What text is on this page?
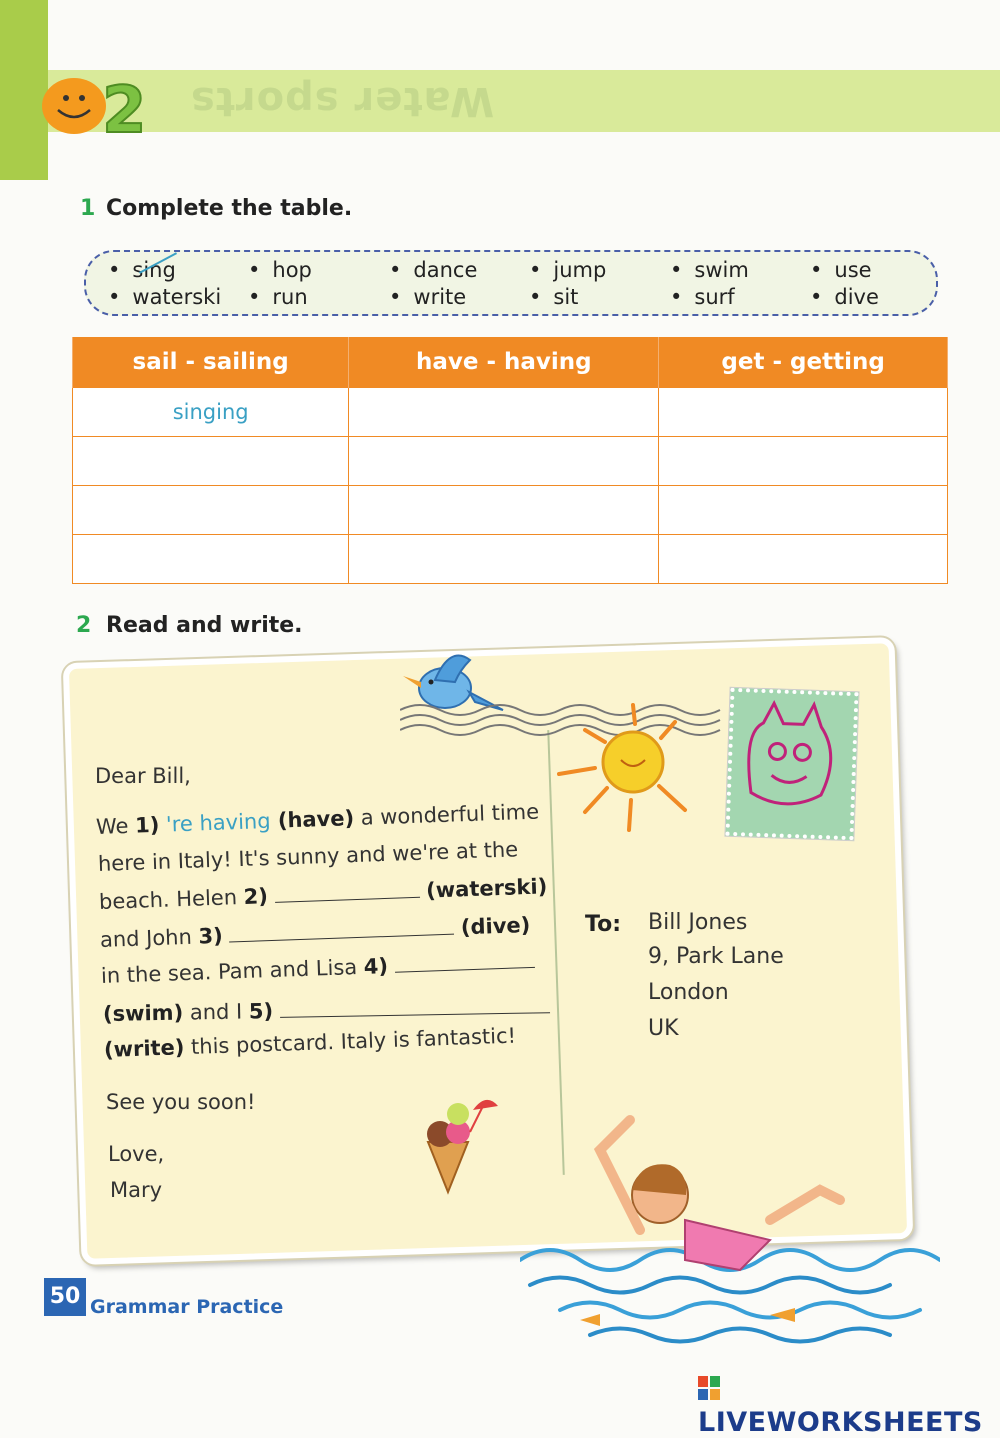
Water sports
2
1 Complete the table.
• sing	• hop	• dance	• jump	• swim	• use
• waterski	• run	• write	• sit	• surf	• dive
sail - sailing	have - having	get - getting
singing		

2 Read and write.
Dear Bill,
We 1) 're having (have) a wonderful time
here in Italy! It's sunny and we're at the
beach. Helen 2)	(waterski)
and John 3)	(dive)
in the sea. Pam and Lisa 4)
(swim) and I 5)
(write) this postcard. Italy is fantastic!
See you soon!
Love,
Mary
To: Bill Jones
9, Park Lane
London
UK
50 Grammar Practice
LIVEWORKSHEETS
